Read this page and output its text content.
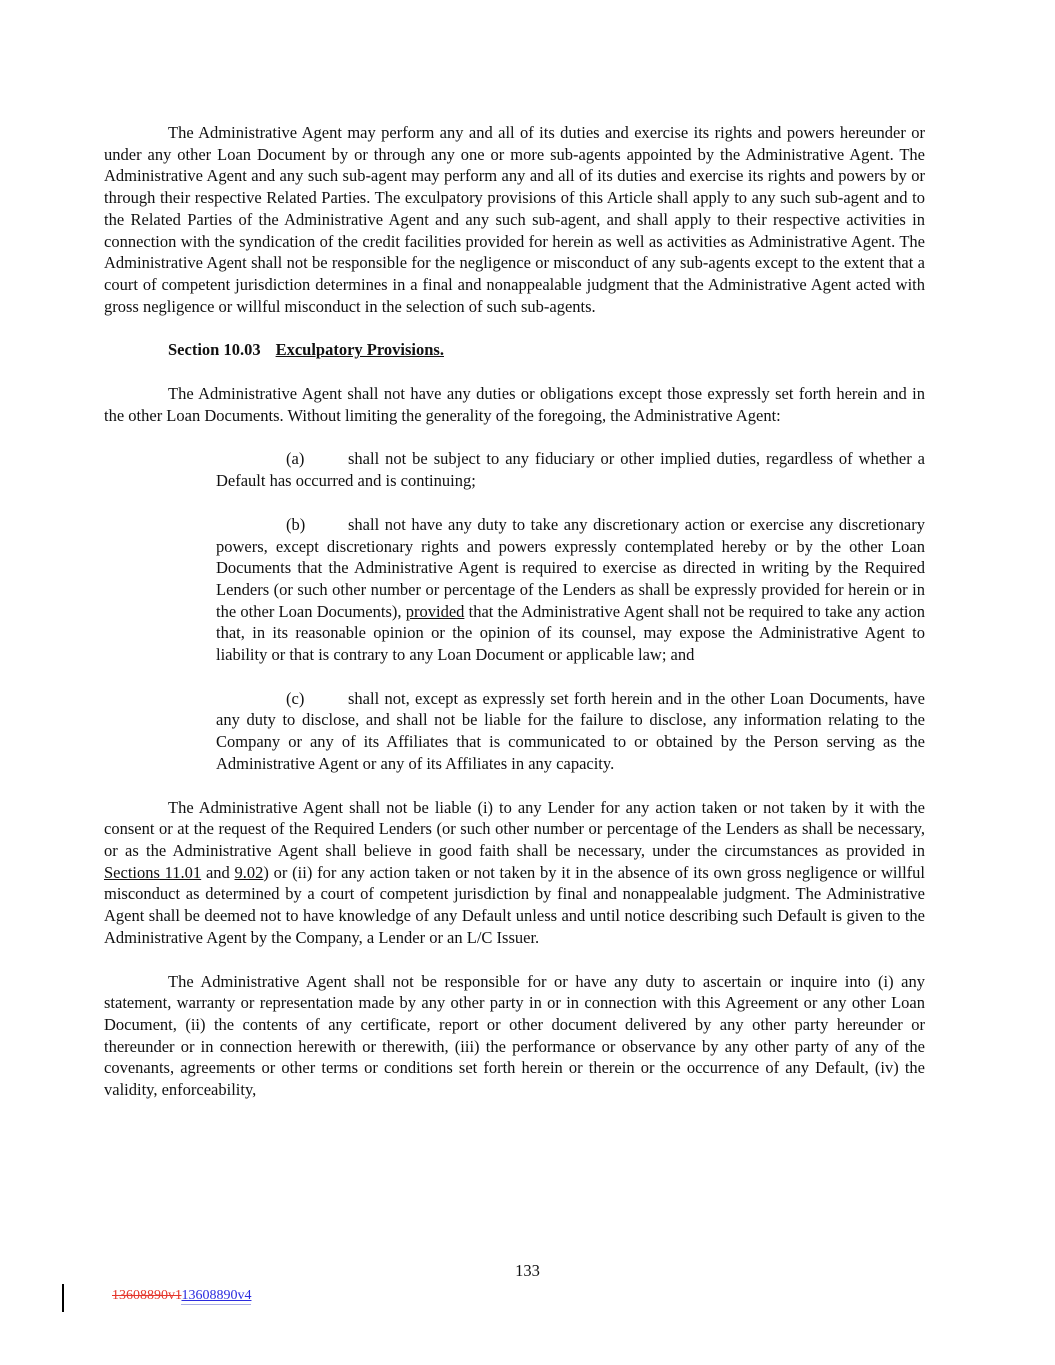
The Administrative Agent may perform any and all of its duties and exercise its rights and powers hereunder or under any other Loan Document by or through any one or more sub-agents appointed by the Administrative Agent. The Administrative Agent and any such sub-agent may perform any and all of its duties and exercise its rights and powers by or through their respective Related Parties. The exculpatory provisions of this Article shall apply to any such sub-agent and to the Related Parties of the Administrative Agent and any such sub-agent, and shall apply to their respective activities in connection with the syndication of the credit facilities provided for herein as well as activities as Administrative Agent. The Administrative Agent shall not be responsible for the negligence or misconduct of any sub-agents except to the extent that a court of competent jurisdiction determines in a final and nonappealable judgment that the Administrative Agent acted with gross negligence or willful misconduct in the selection of such sub-agents.

Section 10.03 Exculpatory Provisions.

The Administrative Agent shall not have any duties or obligations except those expressly set forth herein and in the other Loan Documents. Without limiting the generality of the foregoing, the Administrative Agent:

(a)	shall not be subject to any fiduciary or other implied duties, regardless of whether a Default has occurred and is continuing;

(b)	shall not have any duty to take any discretionary action or exercise any discretionary powers, except discretionary rights and powers expressly contemplated hereby or by the other Loan Documents that the Administrative Agent is required to exercise as directed in writing by the Required Lenders (or such other number or percentage of the Lenders as shall be expressly provided for herein or in the other Loan Documents), provided that the Administrative Agent shall not be required to take any action that, in its reasonable opinion or the opinion of its counsel, may expose the Administrative Agent to liability or that is contrary to any Loan Document or applicable law; and

(c)	shall not, except as expressly set forth herein and in the other Loan Documents, have any duty to disclose, and shall not be liable for the failure to disclose, any information relating to the Company or any of its Affiliates that is communicated to or obtained by the Person serving as the Administrative Agent or any of its Affiliates in any capacity.

The Administrative Agent shall not be liable (i) to any Lender for any action taken or not taken by it with the consent or at the request of the Required Lenders (or such other number or percentage of the Lenders as shall be necessary, or as the Administrative Agent shall believe in good faith shall be necessary, under the circumstances as provided in Sections 11.01 and 9.02) or (ii) for any action taken or not taken by it in the absence of its own gross negligence or willful misconduct as determined by a court of competent jurisdiction by final and nonappealable judgment. The Administrative Agent shall be deemed not to have knowledge of any Default unless and until notice describing such Default is given to the Administrative Agent by the Company, a Lender or an L/C Issuer.

The Administrative Agent shall not be responsible for or have any duty to ascertain or inquire into (i) any statement, warranty or representation made by any other party in or in connection with this Agreement or any other Loan Document, (ii) the contents of any certificate, report or other document delivered by any other party hereunder or thereunder or in connection herewith or therewith, (iii) the performance or observance by any other party of any of the covenants, agreements or other terms or conditions set forth herein or therein or the occurrence of any Default, (iv) the validity, enforceability,

133
13608890v113608890v4
